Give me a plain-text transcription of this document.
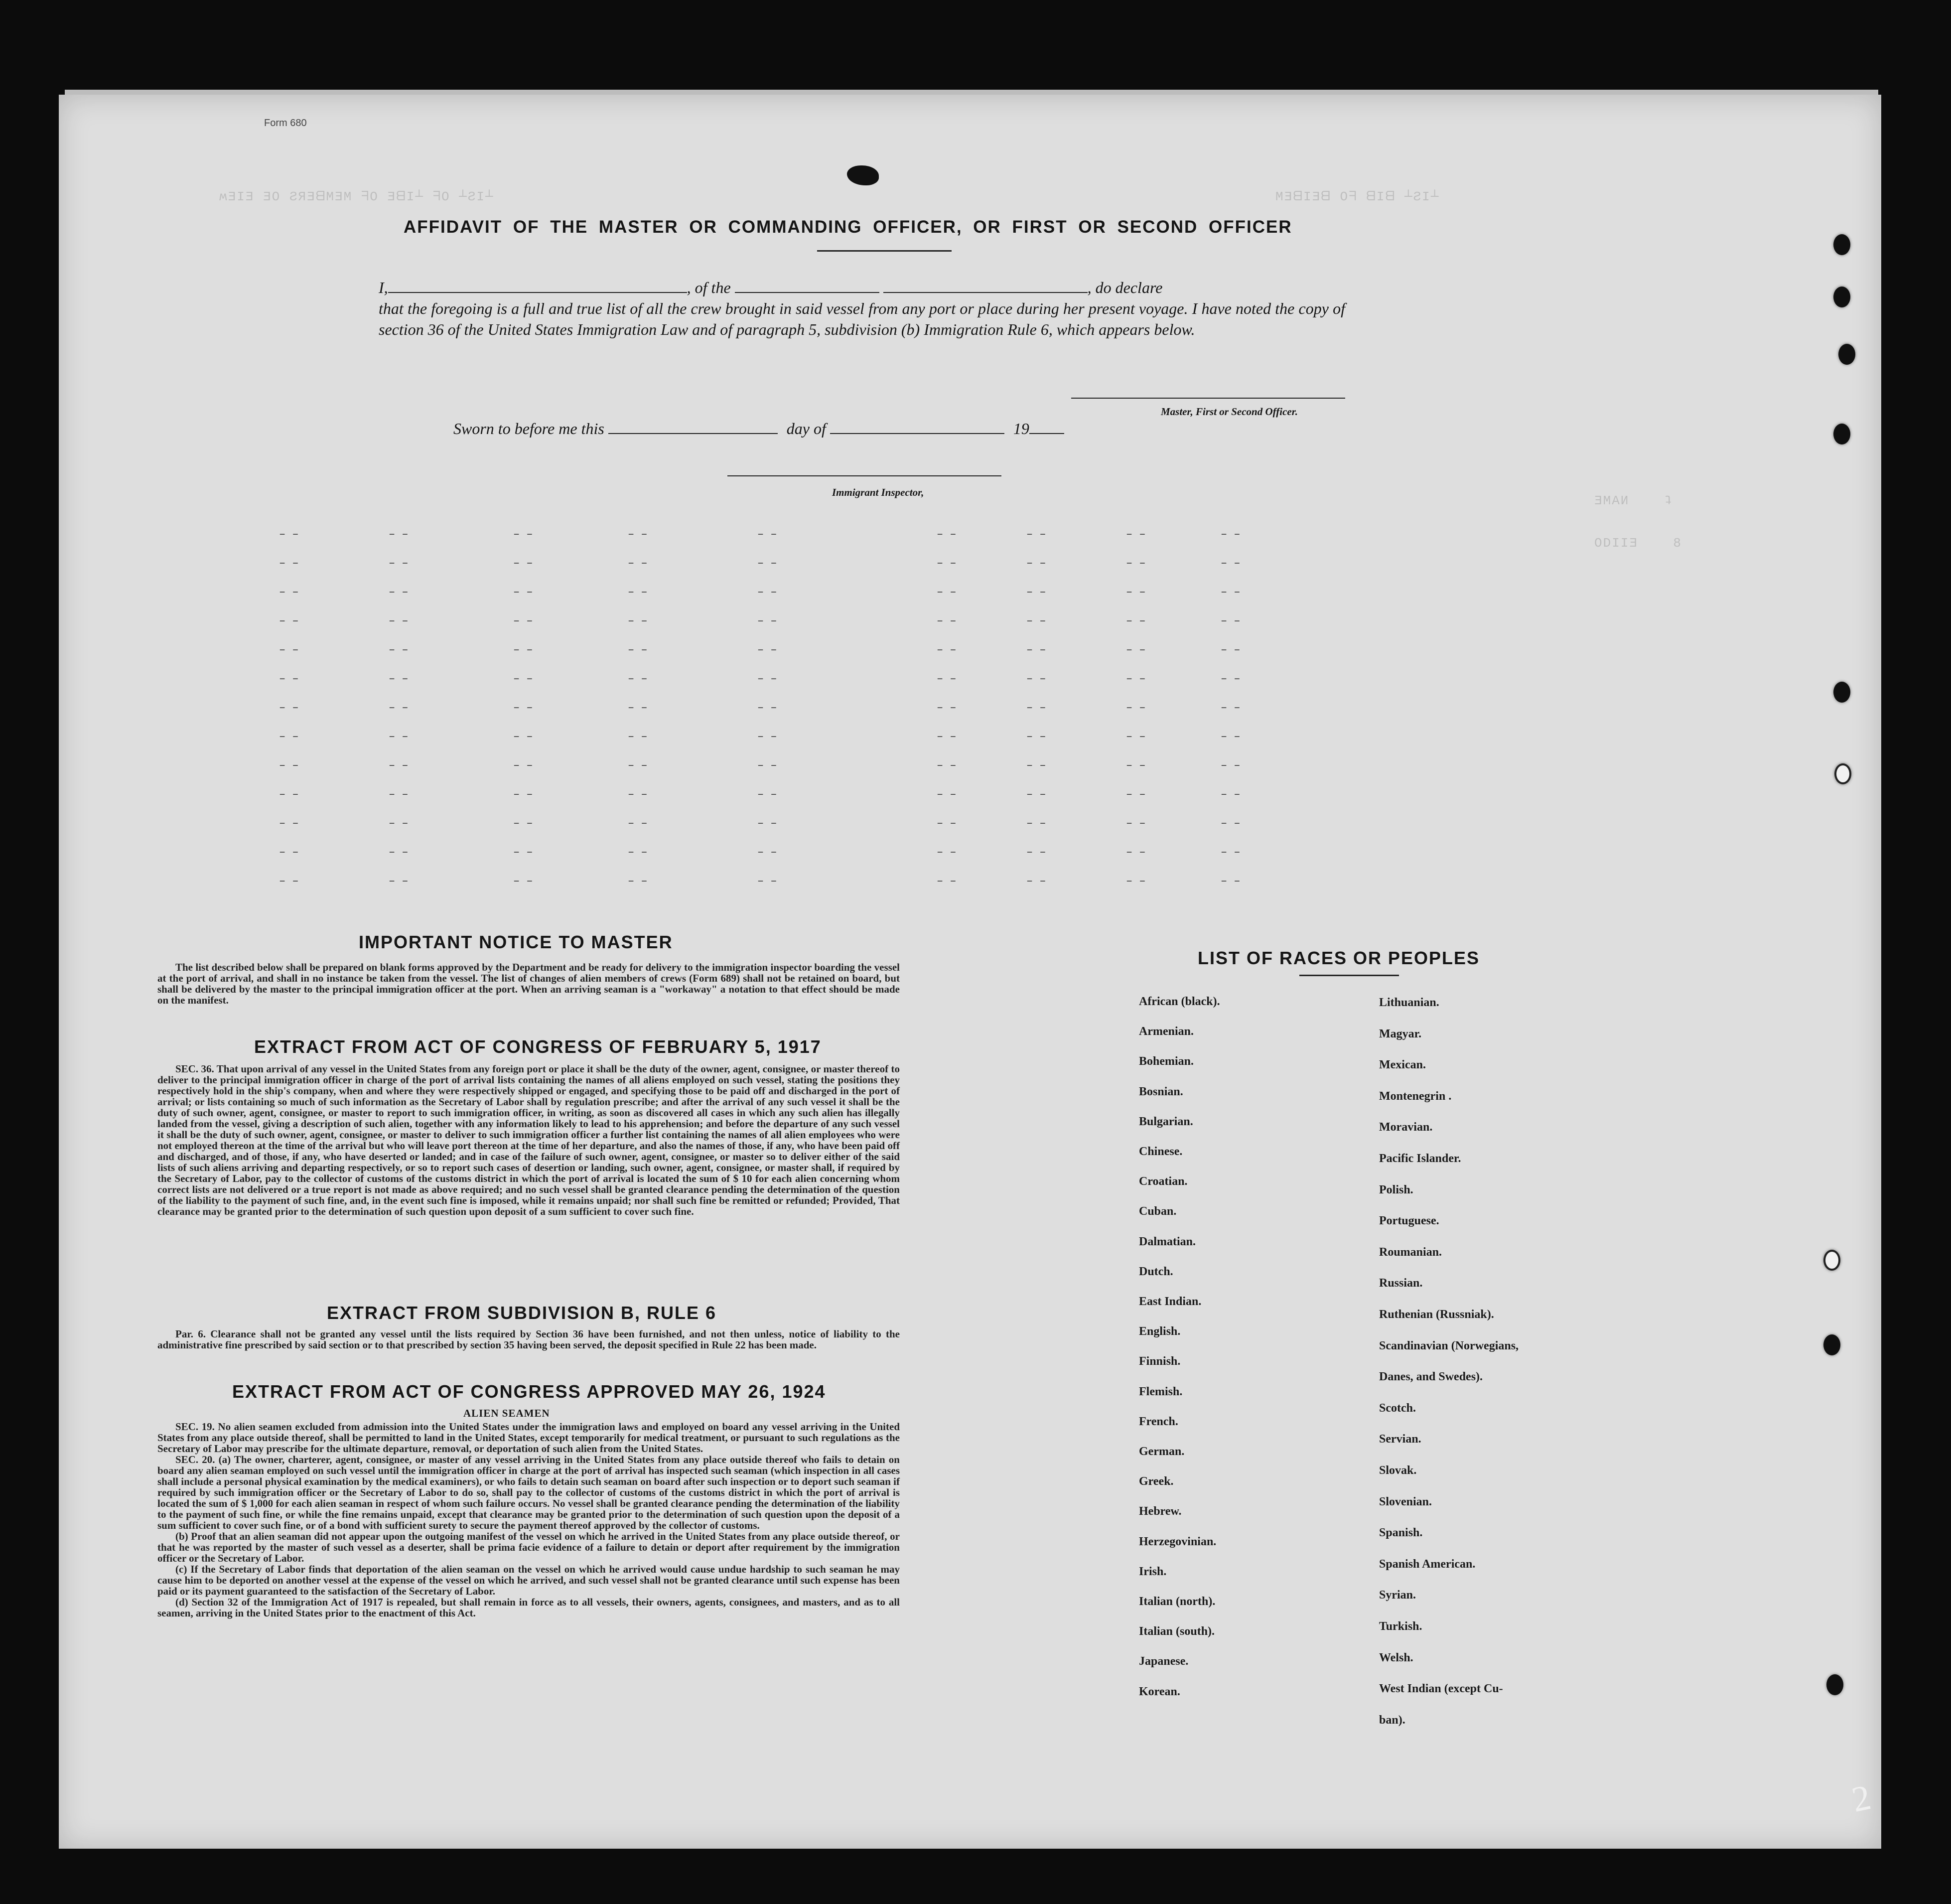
Form 680
ʍƎIƎ ƎO ƧЯƎᗺMƎM ᖷO ƎᗺI┴ ᖷO ┴ƧI┴	MƎᗺIƎᗺ Oᖷ ᗺIᗺ ┴ƧI┴
ƎMAИ    ʇ
ОDIIƎ    8
AFFIDAVIT OF THE MASTER OR COMMANDING OFFICER, OR FIRST OR SECOND OFFICER

I,	, of the	, do declare

that the foregoing is a full and true list of all the crew brought in said vessel from any port or place during her present voyage. I have noted the copy of section 36 of the United States Immigration Law and of paragraph 5, subdivision (b) Immigration Rule 6, which appears below.

Master, First or Second Officer.
Sworn to before me this	day of	19
Immigrant Inspector,
– –	– –	– –	– –	– –	– –	– –	– –	– –
– –	– –	– –	– –	– –	– –	– –	– –	– –
– –	– –	– –	– –	– –	– –	– –	– –	– –
– –	– –	– –	– –	– –	– –	– –	– –	– –
– –	– –	– –	– –	– –	– –	– –	– –	– –
– –	– –	– –	– –	– –	– –	– –	– –	– –
– –	– –	– –	– –	– –	– –	– –	– –	– –
– –	– –	– –	– –	– –	– –	– –	– –	– –
– –	– –	– –	– –	– –	– –	– –	– –	– –
– –	– –	– –	– –	– –	– –	– –	– –	– –
– –	– –	– –	– –	– –	– –	– –	– –	– –
– –	– –	– –	– –	– –	– –	– –	– –	– –
– –	– –	– –	– –	– –	– –	– –	– –	– –
IMPORTANT NOTICE TO MASTER

The list described below shall be prepared on blank forms approved by the Department and be ready for delivery to the immigration inspector boarding the vessel at the port of arrival, and shall in no instance be taken from the vessel. The list of changes of alien members of crews (Form 689) shall not be retained on board, but shall be delivered by the master to the principal immigration officer at the port. When an arriving seaman is a "workaway" a notation to that effect should be made on the manifest.

EXTRACT FROM ACT OF CONGRESS OF FEBRUARY 5, 1917

SEC. 36. That upon arrival of any vessel in the United States from any foreign port or place it shall be the duty of the owner, agent, consignee, or master thereof to deliver to the principal immigration officer in charge of the port of arrival lists containing the names of all aliens employed on such vessel, stating the positions they respectively hold in the ship's company, when and where they were respectively shipped or engaged, and specifying those to be paid off and discharged in the port of arrival; or lists containing so much of such information as the Secretary of Labor shall by regulation prescribe; and after the arrival of any such vessel it shall be the duty of such owner, agent, consignee, or master to report to such immigration officer, in writing, as soon as discovered all cases in which any such alien has illegally landed from the vessel, giving a description of such alien, together with any information likely to lead to his apprehension; and before the departure of any such vessel it shall be the duty of such owner, agent, consignee, or master to deliver to such immigration officer a further list containing the names of all alien employees who were not employed thereon at the time of the arrival but who will leave port thereon at the time of her departure, and also the names of those, if any, who have been paid off and discharged, and of those, if any, who have deserted or landed; and in case of the failure of such owner, agent, consignee, or master so to deliver either of the said lists of such aliens arriving and departing respectively, or so to report such cases of desertion or landing, such owner, agent, consignee, or master shall, if required by the Secretary of Labor, pay to the collector of customs of the customs district in which the port of arrival is located the sum of $ 10 for each alien concerning whom correct lists are not delivered or a true report is not made as above required; and no such vessel shall be granted clearance pending the determination of the question of the liability to the payment of such fine, and, in the event such fine is imposed, while it remains unpaid; nor shall such fine be remitted or refunded; Provided, That clearance may be granted prior to the determination of such question upon deposit of a sum sufficient to cover such fine.

EXTRACT FROM SUBDIVISION B, RULE 6

Par. 6. Clearance shall not be granted any vessel until the lists required by Section 36 have been furnished, and not then unless, notice of liability to the administrative fine prescribed by said section or to that prescribed by section 35 having been served, the deposit specified in Rule 22 has been made.

EXTRACT FROM ACT OF CONGRESS APPROVED MAY 26, 1924
ALIEN SEAMEN

SEC. 19. No alien seamen excluded from admission into the United States under the immigration laws and employed on board any vessel arriving in the United States from any place outside thereof, shall be permitted to land in the United States, except temporarily for medical treatment, or pursuant to such regulations as the Secretary of Labor may prescribe for the ultimate departure, removal, or deportation of such alien from the United States.

SEC. 20. (a) The owner, charterer, agent, consignee, or master of any vessel arriving in the United States from any place outside thereof who fails to detain on board any alien seaman employed on such vessel until the immigration officer in charge at the port of arrival has inspected such seaman (which inspection in all cases shall include a personal physical examination by the medical examiners), or who fails to detain such seaman on board after such inspection or to deport such seaman if required by such immigration officer or the Secretary of Labor to do so, shall pay to the collector of customs of the customs district in which the port of arrival is located the sum of $ 1,000 for each alien seaman in respect of whom such failure occurs. No vessel shall be granted clearance pending the determination of the liability to the payment of such fine, or while the fine remains unpaid, except that clearance may be granted prior to the determination of such question upon the deposit of a sum sufficient to cover such fine, or of a bond with sufficient surety to secure the payment thereof approved by the collector of customs.

(b) Proof that an alien seaman did not appear upon the outgoing manifest of the vessel on which he arrived in the United States from any place outside thereof, or that he was reported by the master of such vessel as a deserter, shall be prima facie evidence of a failure to detain or deport after requirement by the immigration officer or the Secretary of Labor.

(c) If the Secretary of Labor finds that deportation of the alien seaman on the vessel on which he arrived would cause undue hardship to such seaman he may cause him to be deported on another vessel at the expense of the vessel on which he arrived, and such vessel shall not be granted clearance until such expense has been paid or its payment guaranteed to the satisfaction of the Secretary of Labor.

(d) Section 32 of the Immigration Act of 1917 is repealed, but shall remain in force as to all vessels, their owners, agents, consignees, and masters, and as to all seamen, arriving in the United States prior to the enactment of this Act.

LIST OF RACES OR PEOPLES
African (black).
Armenian.
Bohemian.
Bosnian.
Bulgarian.
Chinese.
Croatian.
Cuban.
Dalmatian.
Dutch.
East Indian.
English.
Finnish.
Flemish.
French.
German.
Greek.
Hebrew.
Herzegovinian.
Irish.
Italian (north).
Italian (south).
Japanese.
Korean.
Lithuanian.
Magyar.
Mexican.
Montenegrin .
Moravian.
Pacific Islander.
Polish.
Portuguese.
Roumanian.
Russian.
Ruthenian (Russniak).
Scandinavian (Norwegians,
Danes, and Swedes).
Scotch.
Servian.
Slovak.
Slovenian.
Spanish.
Spanish American.
Syrian.
Turkish.
Welsh.
West Indian (except Cu-
ban).
2
